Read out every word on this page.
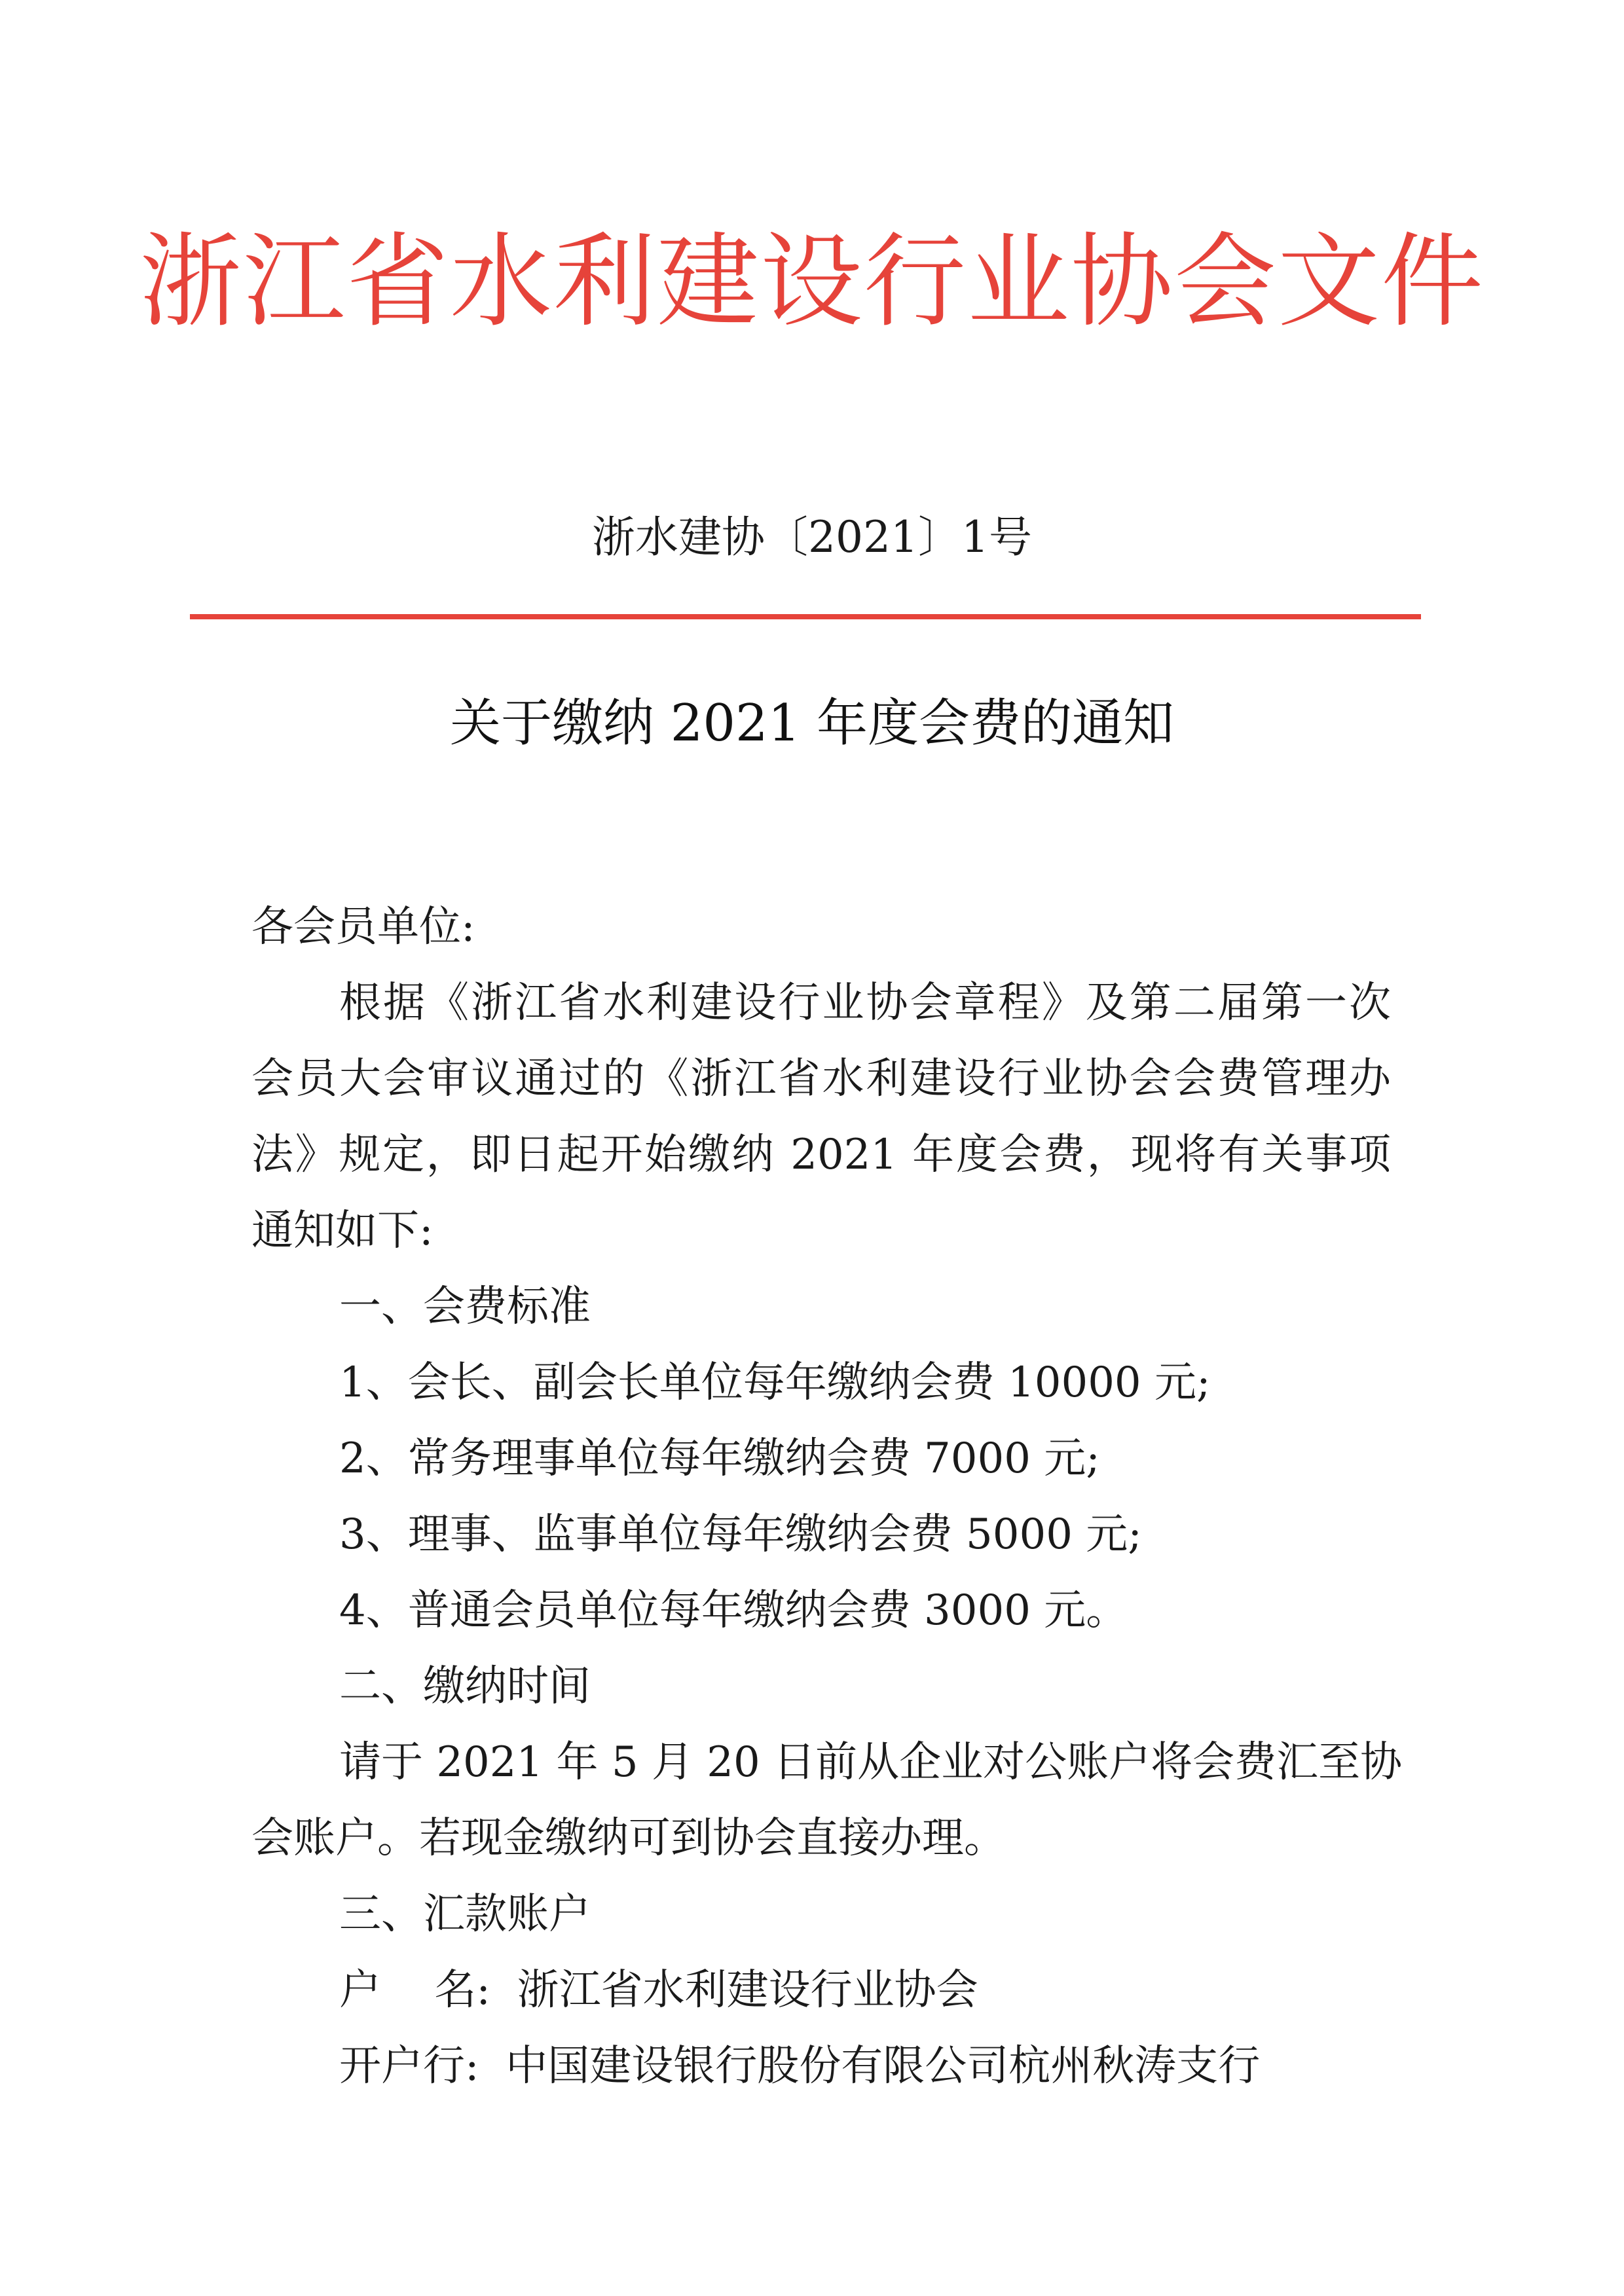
浙江省水利建设行业协会文件
浙水建协〔2021〕1号
关于缴纳 2021 年度会费的通知
各会员单位:
根据《浙江省水利建设行业协会章程》及第二届第一次
会员大会审议通过的《浙江省水利建设行业协会会费管理办
法》规定，即日起开始缴纳 2021 年度会费，现将有关事项
通知如下:
一、会费标准
1、会长、副会长单位每年缴纳会费 10000 元;
2、常务理事单位每年缴纳会费 7000 元;
3、理事、监事单位每年缴纳会费 5000 元;
4、普通会员单位每年缴纳会费 3000 元。
二、缴纳时间
请于 2021 年 5 月 20 日前从企业对公账户将会费汇至协
会账户。若现金缴纳可到协会直接办理。
三、汇款账户
户    名:  浙江省水利建设行业协会
开户行:  中国建设银行股份有限公司杭州秋涛支行
